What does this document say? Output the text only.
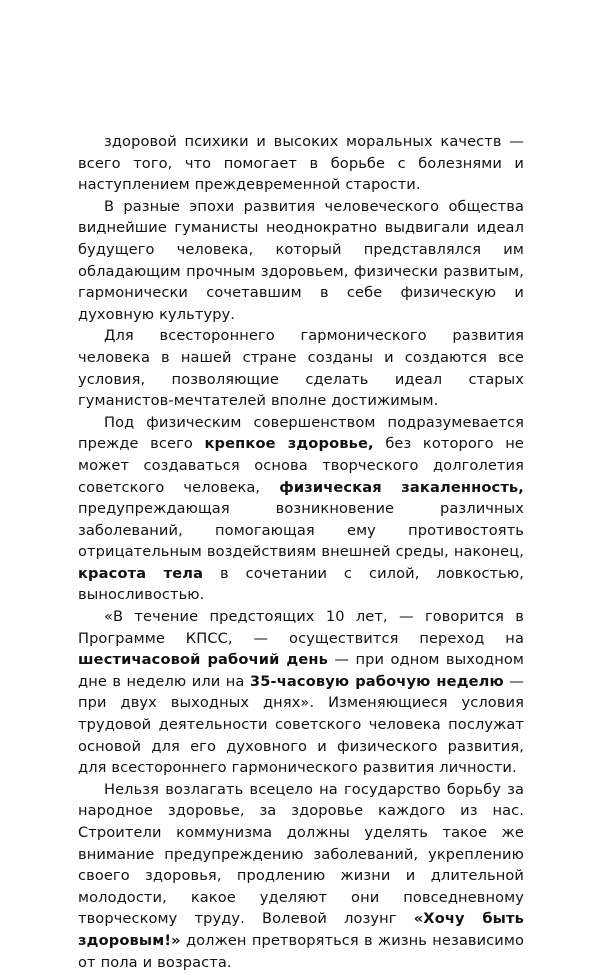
здоровой психики и высоких моральных качеств — всего того, что помогает в борьбе с болезнями и наступлением преждевременной старости.

В разные эпохи развития человеческого общества виднейшие гуманисты неоднократно выдвигали идеал будущего человека, который представлялся им обладающим прочным здоровьем, физически развитым, гармонически сочетавшим в себе физическую и духовную культуру.

Для всестороннего гармонического развития человека в нашей стране созданы и создаются все условия, позволяющие сделать идеал старых гуманистов-мечтателей вполне достижимым.

Под физическим совершенством подразумевается прежде всего крепкое здоровье, без которого не может создаваться основа творческого долголетия советского человека, физическая закаленность, предупреждающая возникновение различных заболеваний, помогающая ему противостоять отрицательным воздействиям внешней среды, наконец, красота тела в сочетании с силой, ловкостью, выносливостью.

«В течение предстоящих 10 лет, — говорится в Программе КПСС, — осуществится переход на шестичасовой рабочий день — при одном выходном дне в неделю или на 35-часовую рабочую неделю — при двух выходных днях». Изменяющиеся условия трудовой деятельности советского человека послужат основой для его духовного и физического развития, для всестороннего гармонического развития личности.

Нельзя возлагать всецело на государство борьбу за народное здоровье, за здоровье каждого из нас. Строители коммунизма должны уделять такое же внимание предупреждению заболеваний, укреплению своего здоровья, продлению жизни и длительной молодости, какое уделяют они повседневному творческому труду. Волевой лозунг «Хочу быть здоровым!» должен претворяться в жизнь независимо от пола и возраста.
